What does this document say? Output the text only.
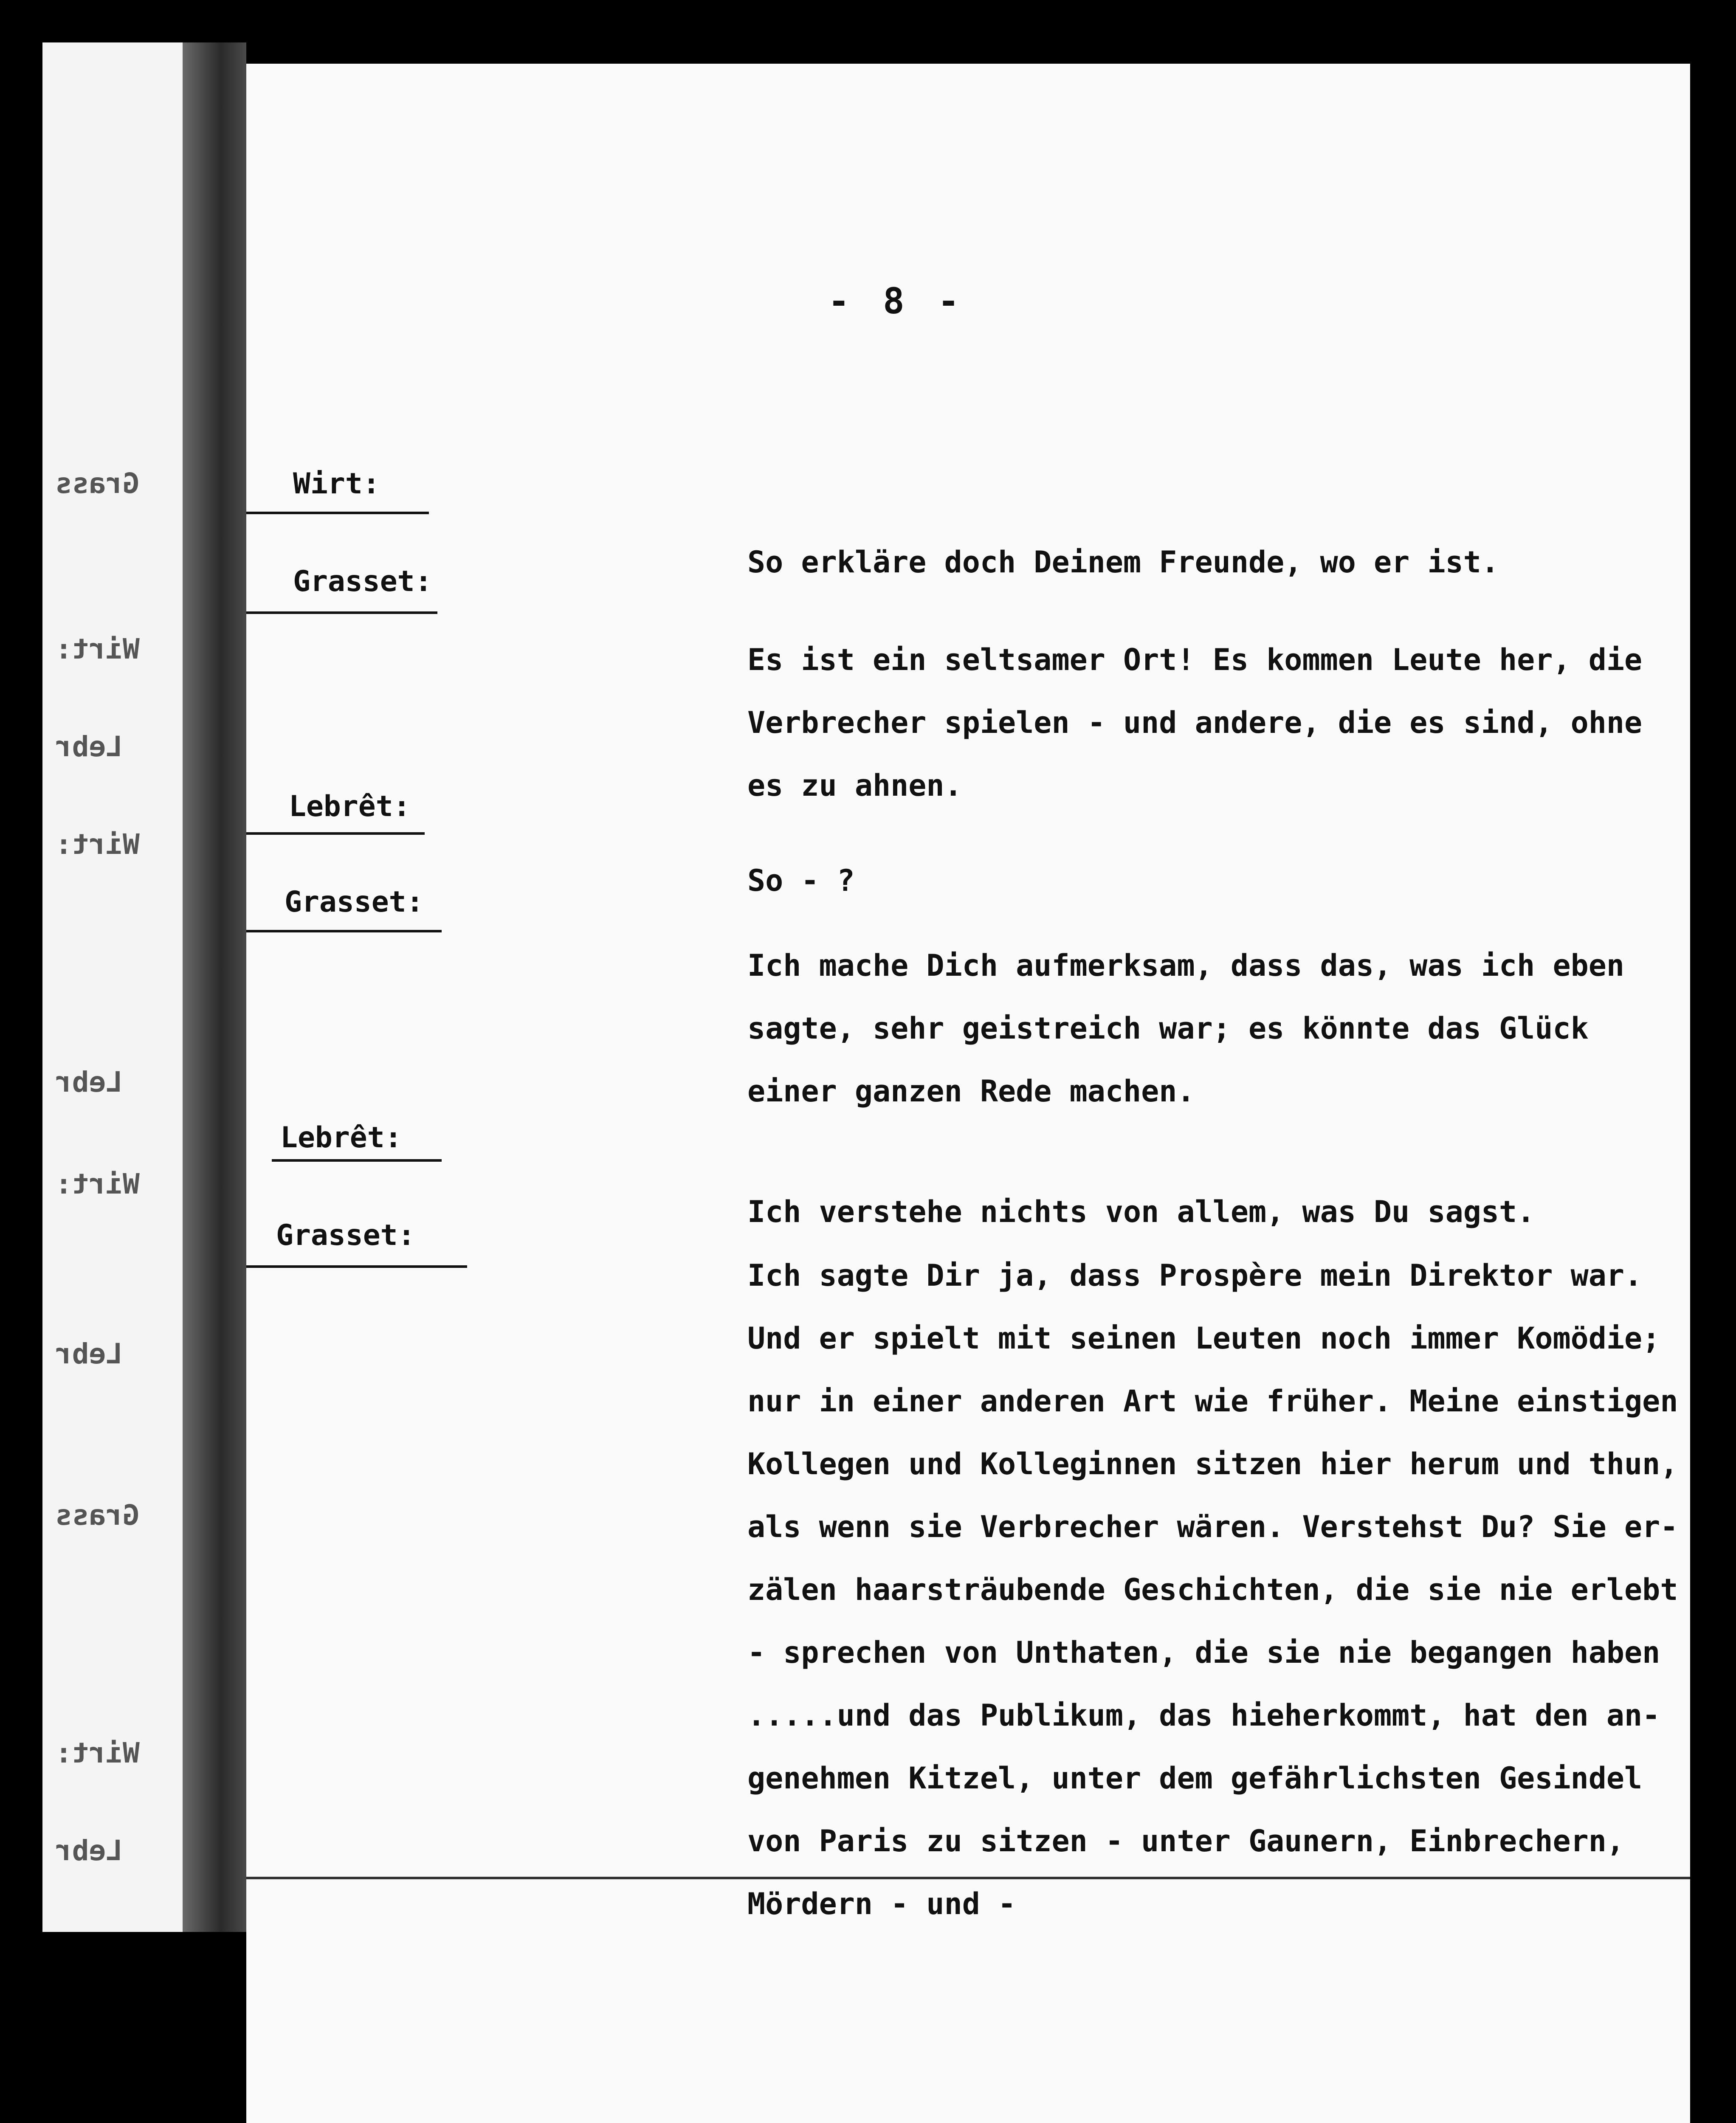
Grass
Wirt:
Lebr
Wirt:
Lebr
Wirt:
Lebr
Grass
Wirt:
Lebr
- 8 -
Wirt:
So erkläre doch Deinem Freunde, wo er ist.
Grasset:
Es ist ein seltsamer Ort! Es kommen Leute her, die
Verbrecher spielen - und andere, die es sind, ohne
es zu ahnen.
Lebrêt:
So - ?
Grasset:
Ich mache Dich aufmerksam, dass das, was ich eben
sagte, sehr geistreich war; es könnte das Glück
einer ganzen Rede machen.
Lebrêt:
Ich verstehe nichts von allem, was Du sagst.
Grasset:
Ich sagte Dir ja, dass Prospère mein Direktor war.
Und er spielt mit seinen Leuten noch immer Komödie;
nur in einer anderen Art wie früher. Meine einstigen
Kollegen und Kolleginnen sitzen hier herum und thun,
als wenn sie Verbrecher wären. Verstehst Du? Sie er-
zälen haarsträubende Geschichten, die sie nie erlebt
- sprechen von Unthaten, die sie nie begangen haben
.....und das Publikum, das hieherkommt, hat den an-
genehmen Kitzel, unter dem gefährlichsten Gesindel
von Paris zu sitzen - unter Gaunern, Einbrechern,
Mördern - und -
